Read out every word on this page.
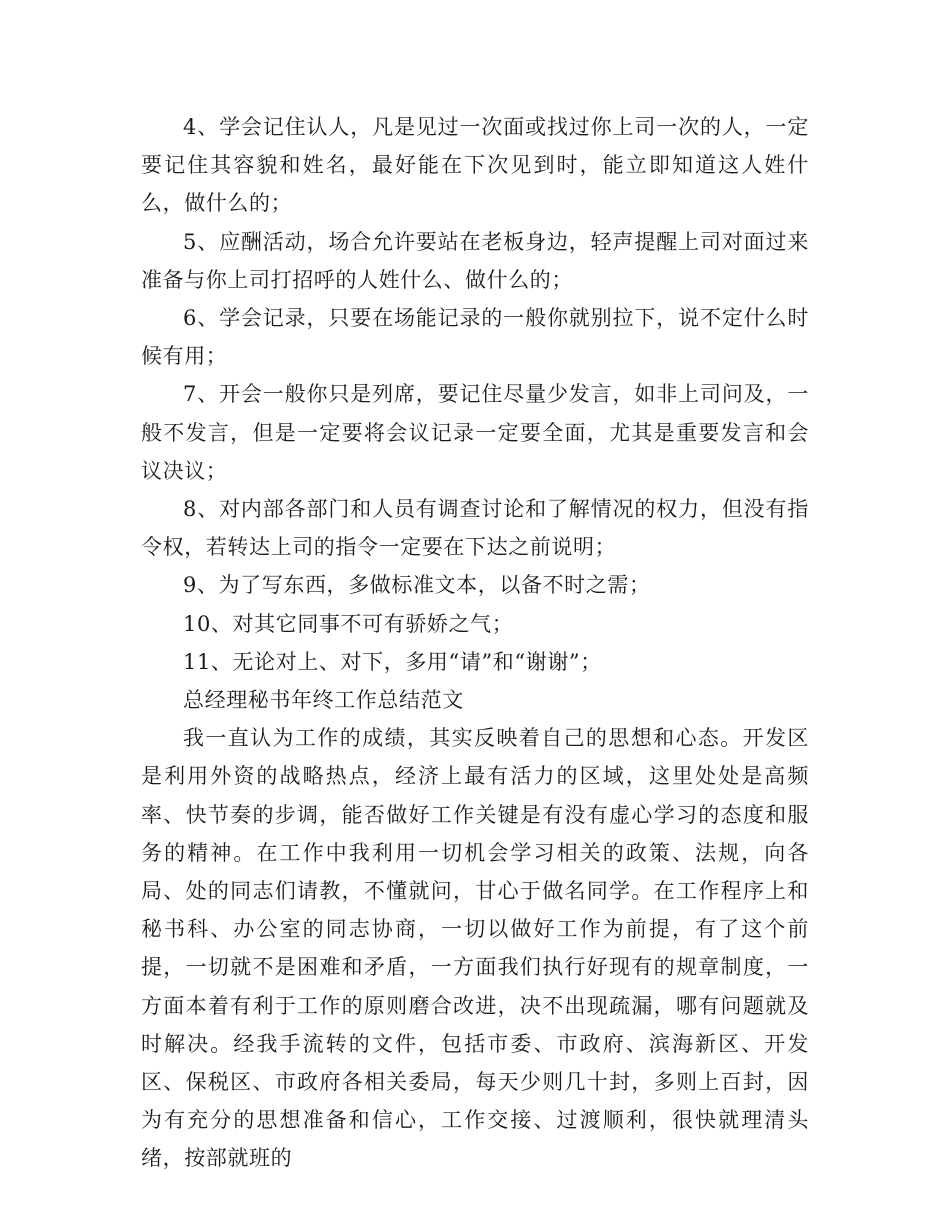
4、学会记住认人，凡是见过一次面或找过你上司一次的人，一定要记住其容貌和姓名，最好能在下次见到时，能立即知道这人姓什么，做什么的；

5、应酬活动，场合允许要站在老板身边，轻声提醒上司对面过来准备与你上司打招呼的人姓什么、做什么的；

6、学会记录，只要在场能记录的一般你就别拉下，说不定什么时候有用；

7、开会一般你只是列席，要记住尽量少发言，如非上司问及，一般不发言，但是一定要将会议记录一定要全面，尤其是重要发言和会议决议；

8、对内部各部门和人员有调查讨论和了解情况的权力，但没有指令权，若转达上司的指令一定要在下达之前说明；

9、为了写东西，多做标准文本，以备不时之需；

10、对其它同事不可有骄娇之气；

11、无论对上、对下，多用“请”和“谢谢”；

总经理秘书年终工作总结范文

我一直认为工作的成绩，其实反映着自己的思想和心态。开发区是利用外资的战略热点，经济上最有活力的区域，这里处处是高频率、快节奏的步调，能否做好工作关键是有没有虚心学习的态度和服务的精神。在工作中我利用一切机会学习相关的政策、法规，向各局、处的同志们请教，不懂就问，甘心于做名同学。在工作程序上和秘书科、办公室的同志协商，一切以做好工作为前提，有了这个前提，一切就不是困难和矛盾，一方面我们执行好现有的规章制度，一方面本着有利于工作的原则磨合改进，决不出现疏漏，哪有问题就及时解决。经我手流转的文件，包括市委、市政府、滨海新区、开发区、保税区、市政府各相关委局，每天少则几十封，多则上百封，因为有充分的思想准备和信心，工作交接、过渡顺利，很快就理清头绪，按部就班的
